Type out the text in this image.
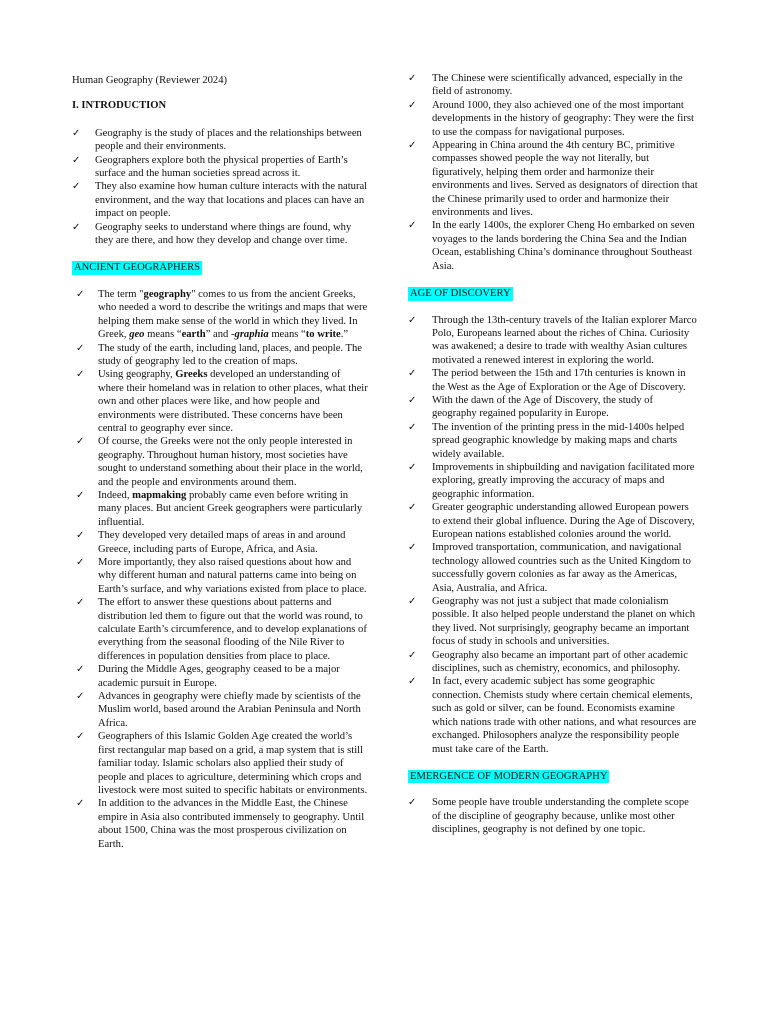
Human Geography (Reviewer 2024)
I. INTRODUCTION
✓ Geography is the study of places and the relationships between people and their environments.
✓ Geographers explore both the physical properties of Earth’s surface and the human societies spread across it.
✓ They also examine how human culture interacts with the natural environment, and the way that locations and places can have an impact on people.
✓ Geography seeks to understand where things are found, why they are there, and how they develop and change over time.
ANCIENT GEOGRAPHERS
✓ The term "geography" comes to us from the ancient Greeks, who needed a word to describe the writings and maps that were helping them make sense of the world in which they lived. In Greek, geo means “earth” and -graphia means “to write.”
✓ The study of the earth, including land, places, and people. The study of geography led to the creation of maps.
✓ Using geography, Greeks developed an understanding of where their homeland was in relation to other places, what their own and other places were like, and how people and environments were distributed. These concerns have been central to geography ever since.
✓ Of course, the Greeks were not the only people interested in geography. Throughout human history, most societies have sought to understand something about their place in the world, and the people and environments around them.
✓ Indeed, mapmaking probably came even before writing in many places. But ancient Greek geographers were particularly influential.
✓ They developed very detailed maps of areas in and around Greece, including parts of Europe, Africa, and Asia.
✓ More importantly, they also raised questions about how and why different human and natural patterns came into being on Earth’s surface, and why variations existed from place to place.
✓ The effort to answer these questions about patterns and distribution led them to figure out that the world was round, to calculate Earth’s circumference, and to develop explanations of everything from the seasonal flooding of the Nile River to differences in population densities from place to place.
✓ During the Middle Ages, geography ceased to be a major academic pursuit in Europe.
✓ Advances in geography were chiefly made by scientists of the Muslim world, based around the Arabian Peninsula and North Africa.
✓ Geographers of this Islamic Golden Age created the world’s first rectangular map based on a grid, a map system that is still familiar today. Islamic scholars also applied their study of people and places to agriculture, determining which crops and livestock were most suited to specific habitats or environments.
✓ In addition to the advances in the Middle East, the Chinese empire in Asia also contributed immensely to geography. Until about 1500, China was the most prosperous civilization on Earth.
✓ The Chinese were scientifically advanced, especially in the field of astronomy.
✓ Around 1000, they also achieved one of the most important developments in the history of geography: They were the first to use the compass for navigational purposes.
✓ Appearing in China around the 4th century BC, primitive compasses showed people the way not literally, but figuratively, helping them order and harmonize their environments and lives. Served as designators of direction that the Chinese primarily used to order and harmonize their environments and lives.
✓ In the early 1400s, the explorer Cheng Ho embarked on seven voyages to the lands bordering the China Sea and the Indian Ocean, establishing China’s dominance throughout Southeast Asia.
AGE OF DISCOVERY
✓ Through the 13th-century travels of the Italian explorer Marco Polo, Europeans learned about the riches of China. Curiosity was awakened; a desire to trade with wealthy Asian cultures motivated a renewed interest in exploring the world.
✓ The period between the 15th and 17th centuries is known in the West as the Age of Exploration or the Age of Discovery.
✓ With the dawn of the Age of Discovery, the study of geography regained popularity in Europe.
✓ The invention of the printing press in the mid-1400s helped spread geographic knowledge by making maps and charts widely available.
✓ Improvements in shipbuilding and navigation facilitated more exploring, greatly improving the accuracy of maps and geographic information.
✓ Greater geographic understanding allowed European powers to extend their global influence. During the Age of Discovery, European nations established colonies around the world.
✓ Improved transportation, communication, and navigational technology allowed countries such as the United Kingdom to successfully govern colonies as far away as the Americas, Asia, Australia, and Africa.
✓ Geography was not just a subject that made colonialism possible. It also helped people understand the planet on which they lived. Not surprisingly, geography became an important focus of study in schools and universities.
✓ Geography also became an important part of other academic disciplines, such as chemistry, economics, and philosophy.
✓ In fact, every academic subject has some geographic connection. Chemists study where certain chemical elements, such as gold or silver, can be found. Economists examine which nations trade with other nations, and what resources are exchanged. Philosophers analyze the responsibility people must take care of the Earth.
EMERGENCE OF MODERN GEOGRAPHY
✓ Some people have trouble understanding the complete scope of the discipline of geography because, unlike most other disciplines, geography is not defined by one topic.
